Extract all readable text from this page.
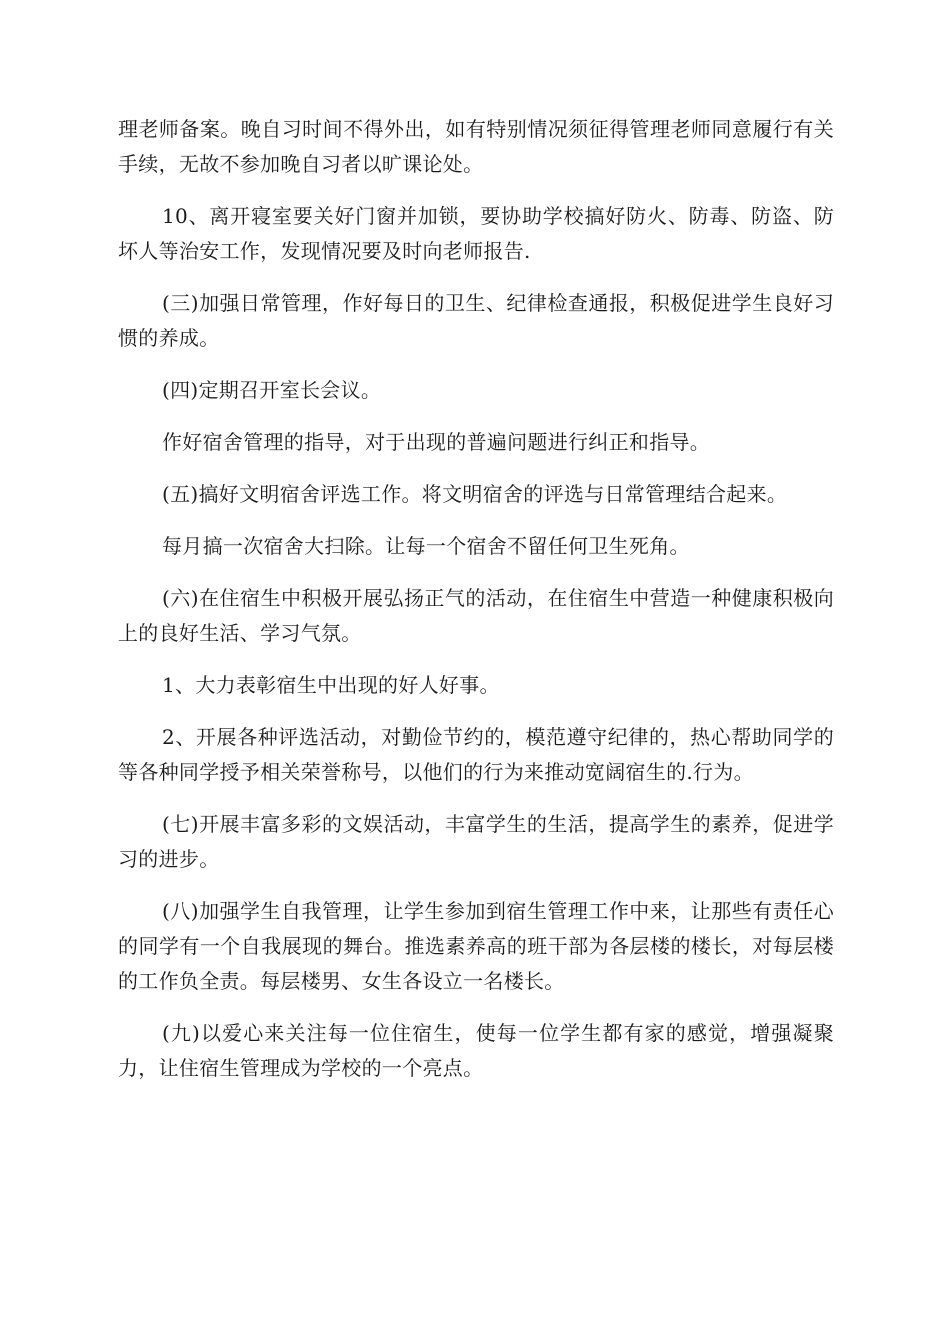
理老师备案。晚自习时间不得外出，如有特别情况须征得管理老师同意履行有关手续，无故不参加晚自习者以旷课论处。

10、离开寝室要关好门窗并加锁，要协助学校搞好防火、防毒、防盗、防坏人等治安工作，发现情况要及时向老师报告.

(三)加强日常管理，作好每日的卫生、纪律检查通报，积极促进学生良好习惯的养成。

(四)定期召开室长会议。

作好宿舍管理的指导，对于出现的普遍问题进行纠正和指导。

(五)搞好文明宿舍评选工作。将文明宿舍的评选与日常管理结合起来。

每月搞一次宿舍大扫除。让每一个宿舍不留任何卫生死角。

(六)在住宿生中积极开展弘扬正气的活动，在住宿生中营造一种健康积极向上的良好生活、学习气氛。

1、大力表彰宿生中出现的好人好事。

2、开展各种评选活动，对勤俭节约的，模范遵守纪律的，热心帮助同学的等各种同学授予相关荣誉称号，以他们的行为来推动宽阔宿生的.行为。

(七)开展丰富多彩的文娱活动，丰富学生的生活，提高学生的素养，促进学习的进步。

(八)加强学生自我管理，让学生参加到宿生管理工作中来，让那些有责任心的同学有一个自我展现的舞台。推选素养高的班干部为各层楼的楼长，对每层楼的工作负全责。每层楼男、女生各设立一名楼长。

(九)以爱心来关注每一位住宿生，使每一位学生都有家的感觉，增强凝聚力，让住宿生管理成为学校的一个亮点。
